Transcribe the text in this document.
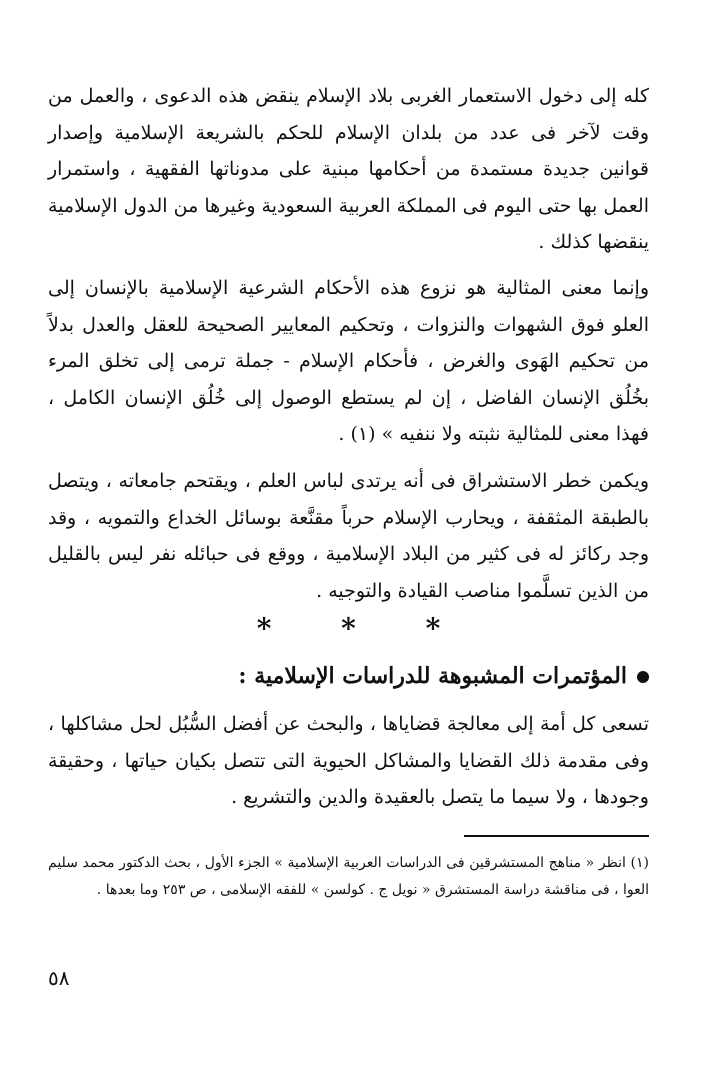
كله إلى دخول الاستعمار الغربى بلاد الإسلام ينقض هذه الدعوى ، والعمل من وقت لآخر فى عدد من بلدان الإسلام للحكم بالشريعة الإسلامية وإصدار قوانين جديدة مستمدة من أحكامها مبنية على مدوناتها الفقهية ، واستمرار العمل بها حتى اليوم فى المملكة العربية السعودية وغيرها من الدول الإسلامية ينقضها كذلك .

وإنما معنى المثالية هو نزوع هذه الأحكام الشرعية الإسلامية بالإنسان إلى العلو فوق الشهوات والنزوات ، وتحكيم المعايير الصحيحة للعقل والعدل بدلاً من تحكيم الهَوى والغرض ، فأحكام الإسلام - جملة ترمى إلى تخلق المرء بخُلُق الإنسان الفاضل ، إن لم يستطع الوصول إلى خُلُق الإنسان الكامل ، فهذا معنى للمثالية نثبته ولا ننفيه » (١) .

ويكمن خطر الاستشراق فى أنه يرتدى لباس العلم ، ويقتحم جامعاته ، ويتصل بالطبقة المثقفة ، ويحارب الإسلام حرباً مقنَّعة بوسائل الخداع والتمويه ، وقد وجد ركائز له فى كثير من البلاد الإسلامية ، ووقع فى حبائله نفر ليس بالقليل من الذين تسلَّموا مناصب القيادة والتوجيه .

* * *
المؤتمرات المشبوهة للدراسات الإسلامية :

تسعى كل أمة إلى معالجة قضاياها ، والبحث عن أفضل السُّبُل لحل مشاكلها ، وفى مقدمة ذلك القضايا والمشاكل الحيوية التى تتصل بكيان حياتها ، وحقيقة وجودها ، ولا سيما ما يتصل بالعقيدة والدين والتشريع .

(١) انظر « مناهج المستشرقين فى الدراسات العربية الإسلامية » الجزء الأول ، بحث الدكتور محمد سليم العوا ، فى مناقشة دراسة المستشرق « نويل ج . كولسن » للفقه الإسلامى ، ص ٢٥٣ وما بعدها .
٥٨
